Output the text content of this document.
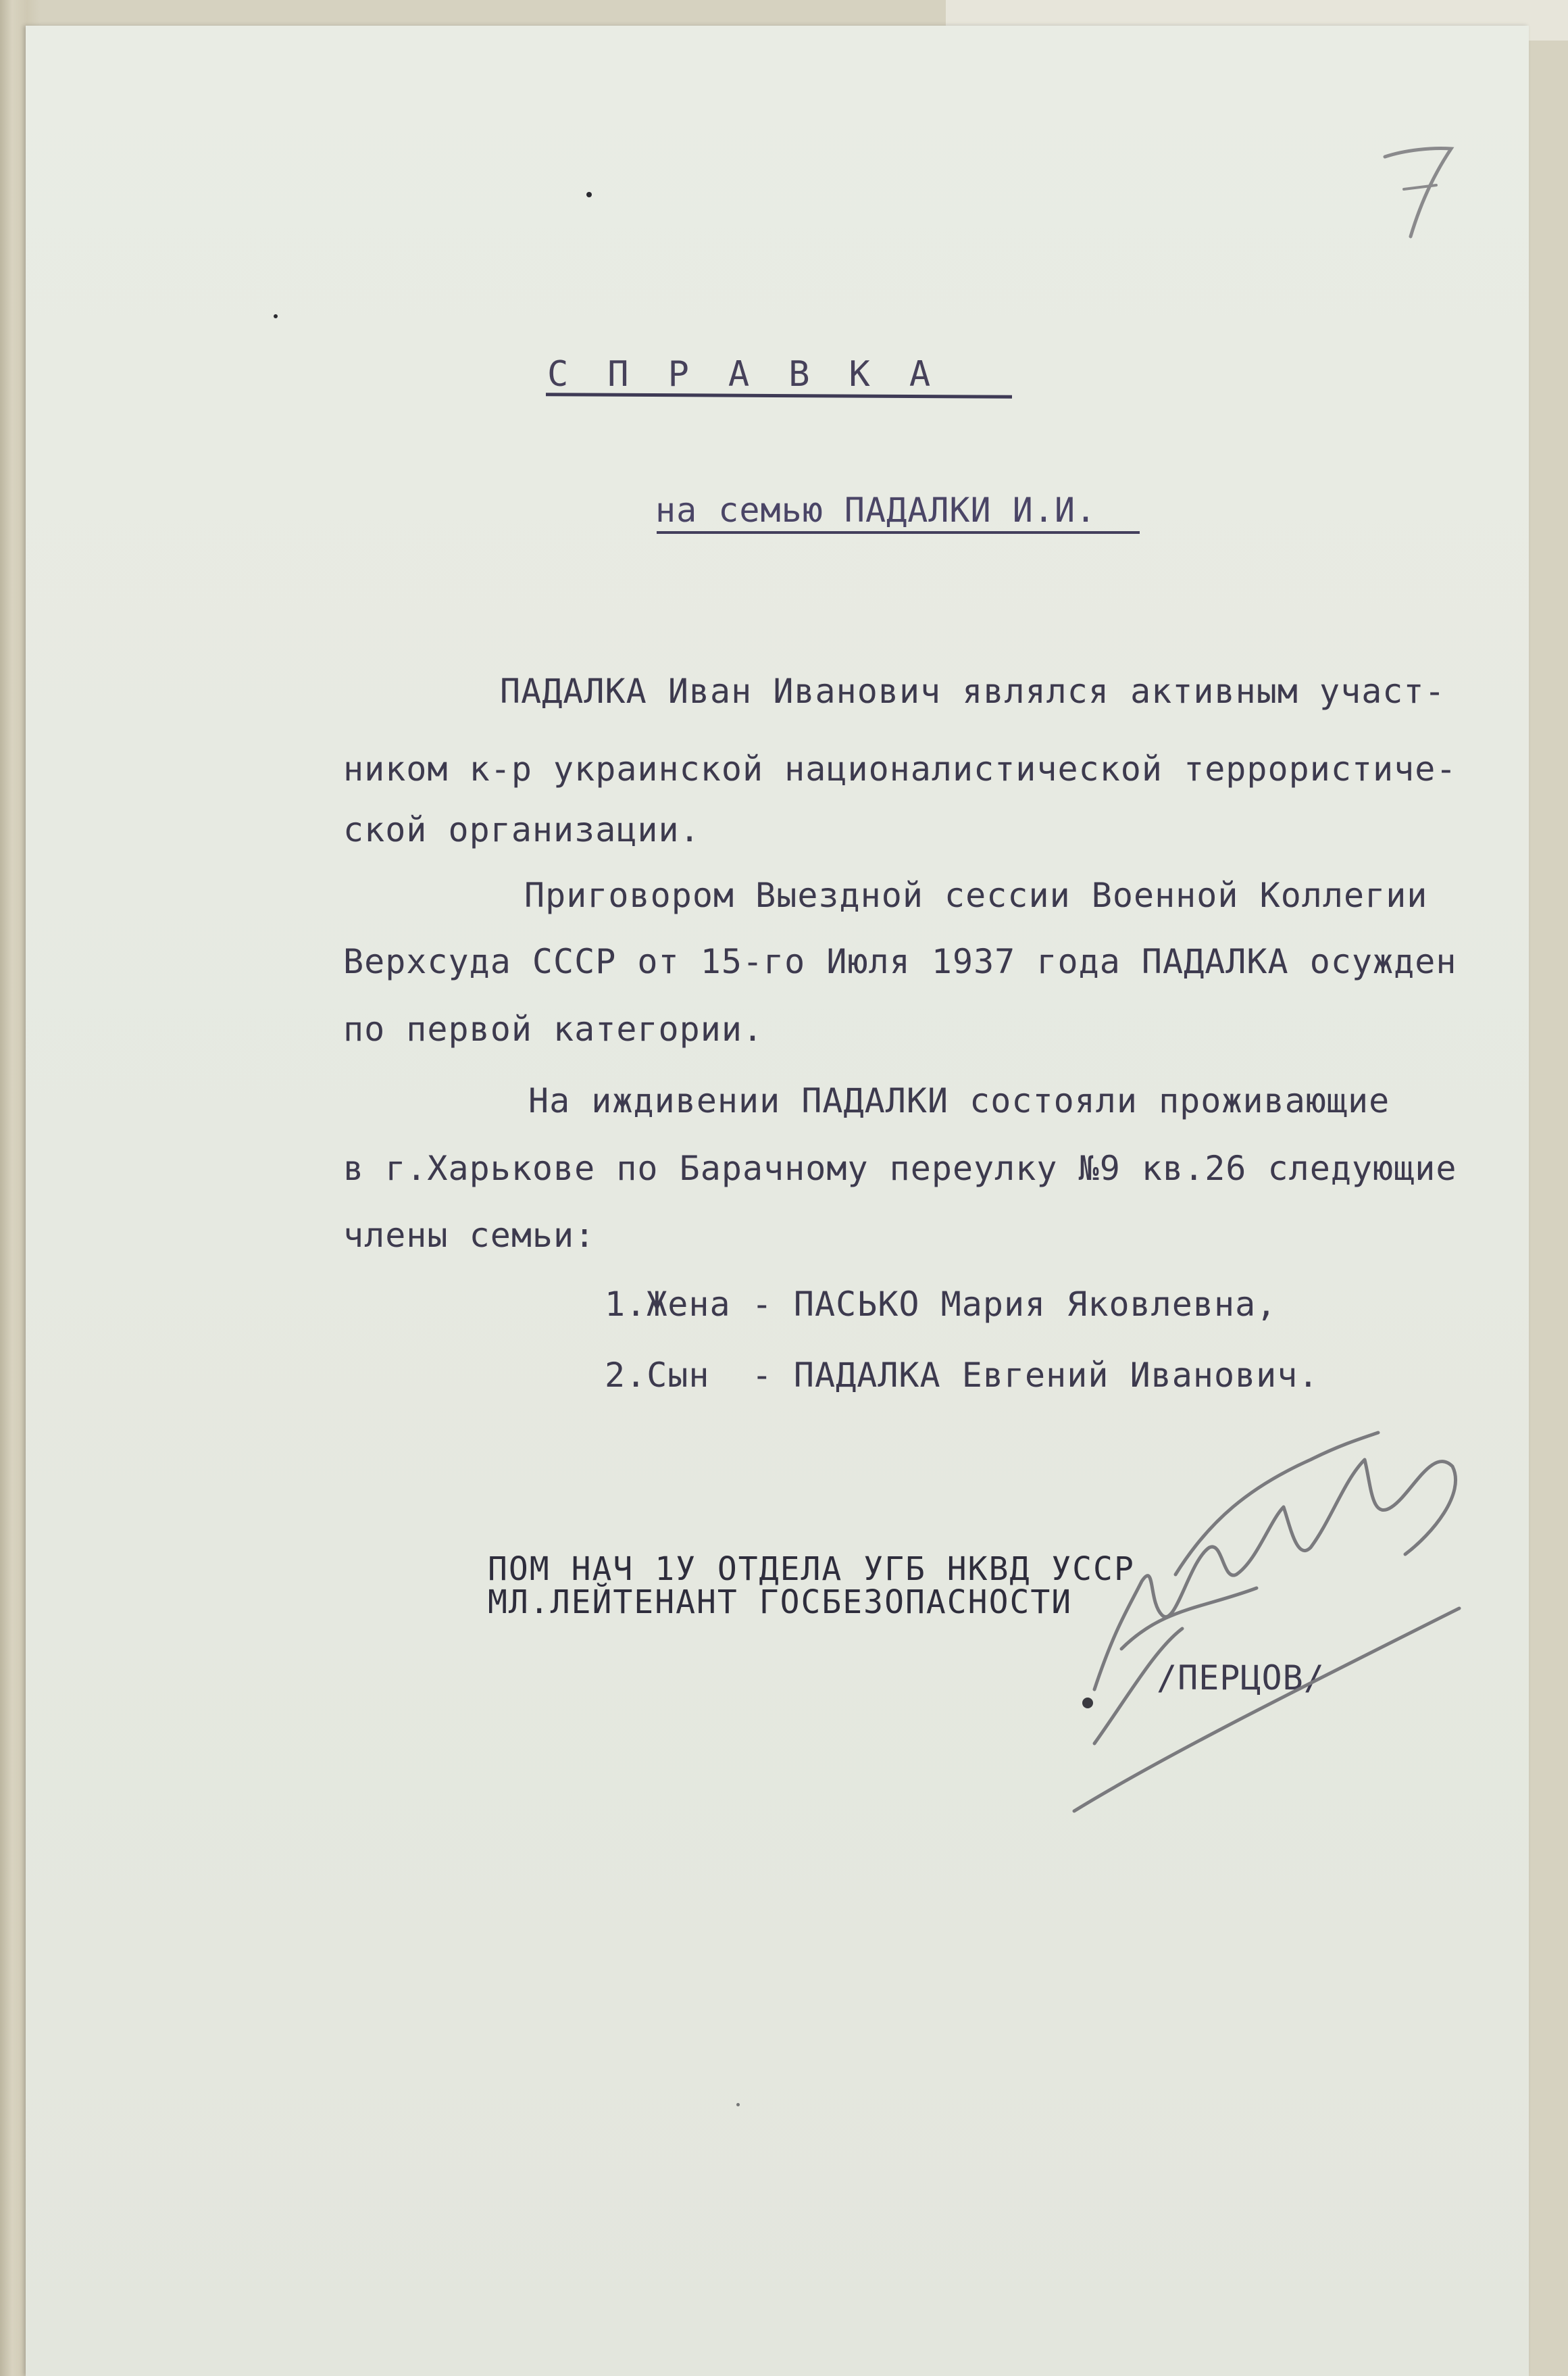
СПРАВКА
на семью ПАДАЛКИ И.И.
ПАДАЛКА Иван Иванович являлся активным участ-
ником к-р украинской националистической террористиче-
ской организации.
Приговором Выездной сессии Военной Коллегии
Верхсуда СССР от 15-го Июля 1937 года ПАДАЛКА осужден
по первой категории.
На иждивении ПАДАЛКИ состояли проживающие
в г.Харькове по Барачному переулку №9 кв.26 следующие
члены семьи:
1.Жена - ПАСЬКО Мария Яковлевна,
2.Сын  - ПАДАЛКА Евгений Иванович.
ПОМ НАЧ 1У ОТДЕЛА УГБ НКВД УССР
МЛ.ЛЕЙТЕНАНТ ГОСБЕЗОПАСНОСТИ
/ПЕРЦОВ/
